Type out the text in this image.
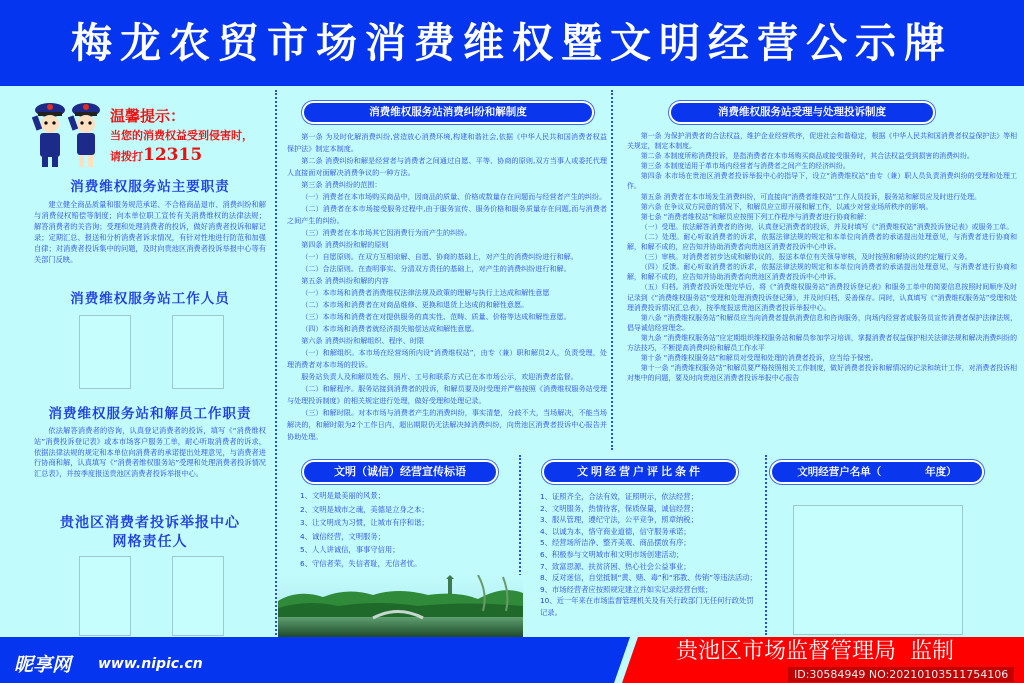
梅龙农贸市场消费维权暨文明经营公示牌
温馨提示：
当您的消费权益受到侵害时，
请拨打12315
消费维权服务站主要职责

建立健全商品质量和服务规范承诺、不合格商品退市、消费纠纷和解与消费侵权赔偿等制度；向本单位职工宣传有关消费维权的法律法规； 解答消费者的关咨询；受理和处理消费者的投诉，做好消费者投诉和解记录；定期汇总、报送和分析消费者诉求情况，有针对性地进行防范和加强自律；对消费者投诉集中的问题，及时向贵池区消费者投诉举报中心等有关部门反映。

消费维权服务站工作人员
消费维权服务站和解员工作职责

依法解答消费者的咨询，认真登记消费者的投诉，填写《“消费维权站”消费投诉登记表》或本市场客户服务工单，耐心听取消费者的诉求，依据法律法规的规定和本单位向消费者的承诺提出处理意见，与消费者进行协商和解，认真填写《“消费者维权服务站”受理和处理消费者投诉情况汇总表》，并按季度报送贵池区消费者投诉举报中心。

贵池区消费者投诉举报中心
网格责任人
消费维权服务站消费纠纷和解制度

第一条 为及时化解消费纠纷,营造放心消费环境,构建和谐社会,依据《中华人民共和国消费者权益保护法》制定本制度。

第二条 消费纠纷和解是经营者与消费者之间通过自愿、平等、协商的原则,双方当事人或委托代理人直接面对面解决消费争议的一种方法。

第三条 消费纠纷的范围：

（一）消费者在本市场购买商品中，因商品的质量、价格或数量存在问题而与经营者产生的纠纷。

（二）消费者在本市场接受服务过程中,由于服务宣传、服务价格和服务质量存在问题,而与消费者之间产生的纠纷。

（三）消费者在本市场其它因消费行为而产生的纠纷。

第四条 消费纠纷和解的原则

（一）自愿原则。在双方互相谅解、自愿、协商的基础上，对产生的消费纠纷进行和解。

（二）合法原则。在查明事实、分清双方责任的基础上，对产生的消费纠纷进行和解。

第五条 消费纠纷和解的内容

（一）本市场和消费者消费维权法律法规及政策的理解与执行上达成和解性意愿

（二）本市场和消费者在对商品维修、更换和退货上达成的和解性意愿。

（三）本市场和消费者在对提供服务的真实性、范畴、质量、价格等达成和解性意愿。

（四）本市场和消费者就经济损失赔偿达成和解性意愿。

第六条 消费纠纷和解组织、程序、时限

（一）和解组织。本市场在经营场所内设“消费维权站”，由专（兼）职和解员2人，负责受理，处理消费者对本市场的投诉。

服务站负责人及和解员姓名、照片、工号和联系方式已在本市场公示，欢迎消费者监督。

（二）和解程序。服务站接到消费者的投诉，和解员要及时受理并严格按照《消费维权服务站受理与处理投诉制度》的相关规定进行处理，做好受理和处理记录。

（三）和解时限。对本市场与消费者产生的消费纠纷，事实清楚，分歧不大，当场解决，不能当场解决的，和解时限为2个工作日内，超出期限仍无法解决掉消费纠纷，向贵池区消费者投诉中心报告并协助处理。

消费维权服务站受理与处理投诉制度

第一条 为保护消费者的合法权益，维护企业经营秩序，促进社会和谐稳定，根据《中华人民共和国消费者权益保护法》等相关规定，制定本制度。

第二条 本制度所称消费投诉，是指消费者在本市场购买商品或接受服务时，其合法权益受到损害的消费纠纷。

第三条 本制度适用于革市场内经营者与消费者之间产生的经济纠纷。

第四条 本市场在贵池区消费者投诉举报中心的指导下，设立“消费维权站”由专（兼）职人员负责消费纠纷的受理和处理工作。

第五条 消费者在本市场发生消费纠纷，可直接向“消费者维权站”工作人员投诉，服务站和解员应及时进行处理。

第六条 在争议双方同意的情况下，和解员应立即开展和解工作，以减少对营业场所秩序的影响。

第七条 “消费者维权站”和解员应按照下列工作程序与消费者进行协商和解：

（一）受理。依法解答消费者的咨询，认真登记消费者的投诉，并及时填写《“消费维权站”消费投诉登记表》或服务工单。

（二）处理。耐心听取消费者的诉求，依据法律法规的规定和本单位向消费者的承诺提出处理意见，与消费者进行协商和解，和解不成的，应告知并协助消费者向贵池区消费者投诉中心申诉。

（三）审核。对消费者初步达成和解协议的，报送本单位有关领导审核，及时按照和解协议的约定履行义务。

（四）反馈。耐心听取消费者的诉求，依据法律法规的规定和本单位向消费者的承诺提出处理意见，与消费者进行协商和解，和解不成的，应告知并协助消费者向贵池区消费者投诉中心申诉。

（五）归档。消费者投诉处理完毕后，将《“消费维权服务站”消费投诉登记表》和服务工单中的简要信息按照时间顺序及时记录到《“消费维权服务站”受理和处理消费投诉登记簿》，并及时归档，妥善保存。同时，认真填写《“消费维权服务站”受理和处理消费投诉情况汇总表》，按季度报送贵池区消费者投诉举报中心。

第八条 “消费维权服务站”和解员应当向消费者提供消费信息和咨询服务，向场内经营者或服务员宣传消费者保护法律法规，倡导诚信经营理念。

第九条 “消费维权服务站”应定期组织维权服务站和解员参加学习培训，掌握消费者权益保护相关法律法规和解决消费纠纷的方法技巧，不断提高消费纠纷和解员工作水平

第十条 “消费维权服务站”和解员对受理和处理的消费者投诉，应当给予保密。

第十一条 “消费维权服务站”和解员要严格按照相关工作制度，做好消费者投诉和解情况的记录和统计工作，对消费者投诉相对集中的问题，要及时向贵池区消费者投诉举报中心报告

文明（诚信）经营宣传标语
1、文明是最美丽的风景；
2、文明是城市之魂，美德是立身之本；
3、让文明成为习惯，让城市有序和谐；
4、诚信经营，文明服务；
5、人人讲诚信，事事守信用；
6、守信者荣，失信者耻，无信者忧。
文明经营户评比条件
1、证照齐全，合法有效，证照明示，依法经营；
2、文明服务，热情待客，保质保量，诚信经营；
3、服从管理，遵纪守法，公平竞争，照章纳税；
4、以诚为本，恪守商业道德，信守服务承诺；
5、经营场所洁净、整齐美观、商品摆放有序；
6、积极参与文明城市和文明市场创建活动；
7、致富思源、扶贫济困、热心社会公益事业；
8、反对迷信，自觉抵制“黄、赌、毒”和“邪教、传销”等违法活动；
9、市场经营者应按照规定建立并如实记录经营台账；
10、近一年来在市场监督管理机关及有关行政部门无任何行政处罚记录。
文明经营户名单（            年度）
昵享网 www.nipic.cn	贵池区市场监督管理局  监制
ID:30584949 NO:20210103511754106
